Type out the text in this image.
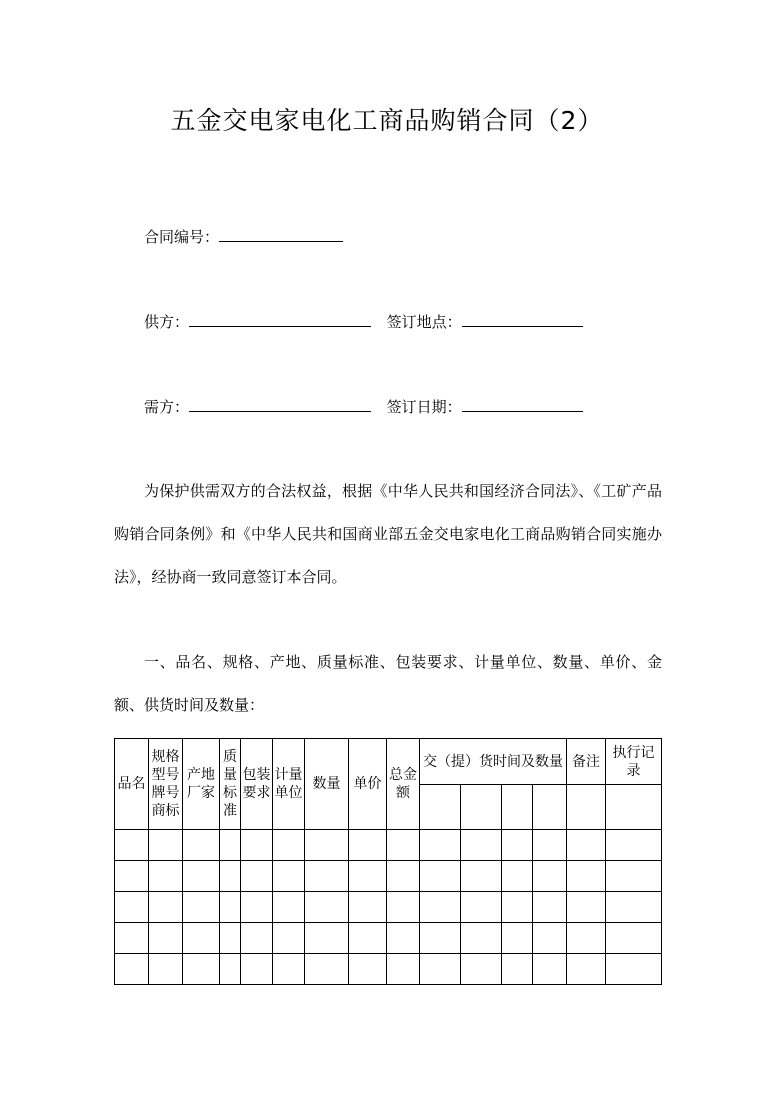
五金交电家电化工商品购销合同（2）
合同编号：
供方：	签订地点：
需方：	签订日期：
为保护供需双方的合法权益，根据《中华人民共和国经济合同法》、《工矿产品购销合同条例》和《中华人民共和国商业部五金交电家电化工商品购销合同实施办法》，经协商一致同意签订本合同。
一、品名、规格、产地、质量标准、包装要求、计量单位、数量、单价、金额、供货时间及数量：
品名	规格型号牌号商标	产地厂家	质量标准	包装要求	计量单位	数量	单价	总金额	交（提）货时间及数量				备注	执行记录
